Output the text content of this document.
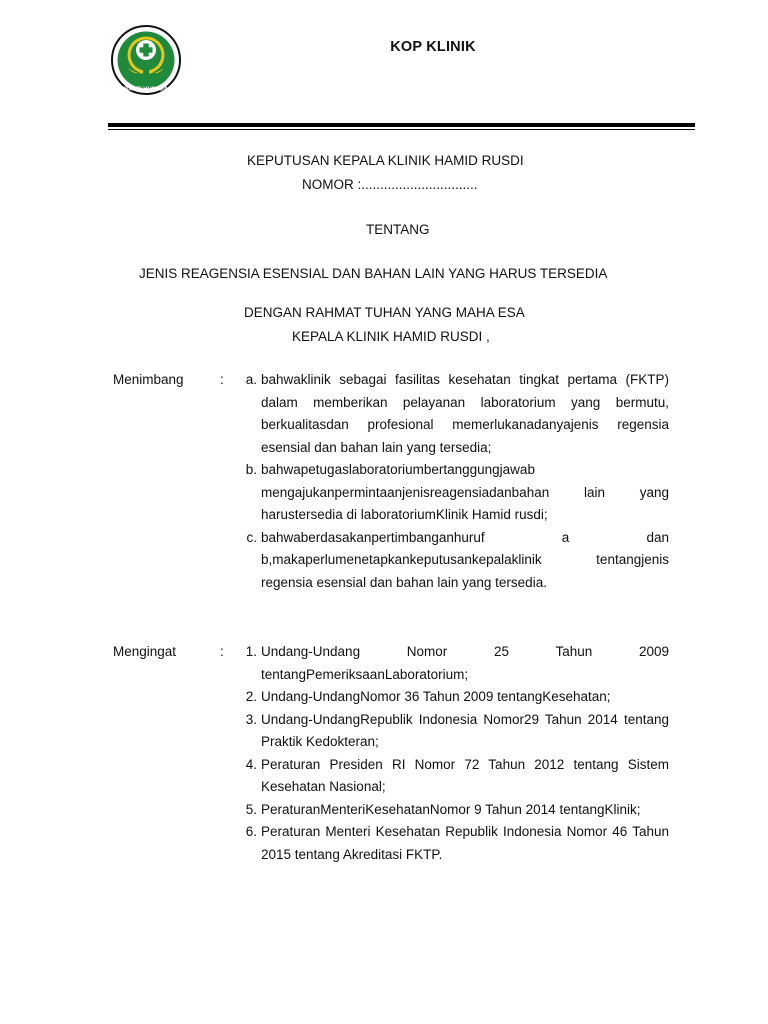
BAKTI HUSADA
KOP KLINIK
KEPUTUSAN KEPALA KLINIK HAMID RUSDI
NOMOR :...............................
TENTANG
JENIS REAGENSIA ESENSIAL DAN BAHAN LAIN YANG HARUS TERSEDIA
DENGAN RAHMAT TUHAN YANG MAHA ESA
KEPALA KLINIK HAMID RUSDI ,
Menimbang	:	a. bahwaklinik sebagai fasilitas kesehatan tingkat pertama (FKTP) dalam memberikan pelayanan laboratorium yang bermutu, berkualitasdan profesional memerlukanadanyajenis regensia esensial dan bahan lain yang tersedia;
b. bahwapetugaslaboratoriumbertanggungjawab mengajukanpermintaanjenisreagensiadanbahan lain yang harustersedia di laboratoriumKlinik Hamid rusdi;
c. bahwaberdasakanpertimbanganhuruf a dan b,makaperlumenetapkankeputusankepalaklinik tentangjenis regensia esensial dan bahan lain yang tersedia.
Mengingat	:	1. Undang-Undang Nomor 25 Tahun 2009 tentangPemeriksaanLaboratorium;
2. Undang-UndangNomor 36 Tahun 2009 tentangKesehatan;
3. Undang-UndangRepublik Indonesia Nomor29 Tahun 2014 tentang Praktik Kedokteran;
4. Peraturan Presiden RI Nomor 72 Tahun 2012 tentang Sistem Kesehatan Nasional;
5. PeraturanMenteriKesehatanNomor 9 Tahun 2014 tentangKlinik;
6. Peraturan Menteri Kesehatan Republik Indonesia Nomor 46 Tahun 2015 tentang Akreditasi FKTP.
